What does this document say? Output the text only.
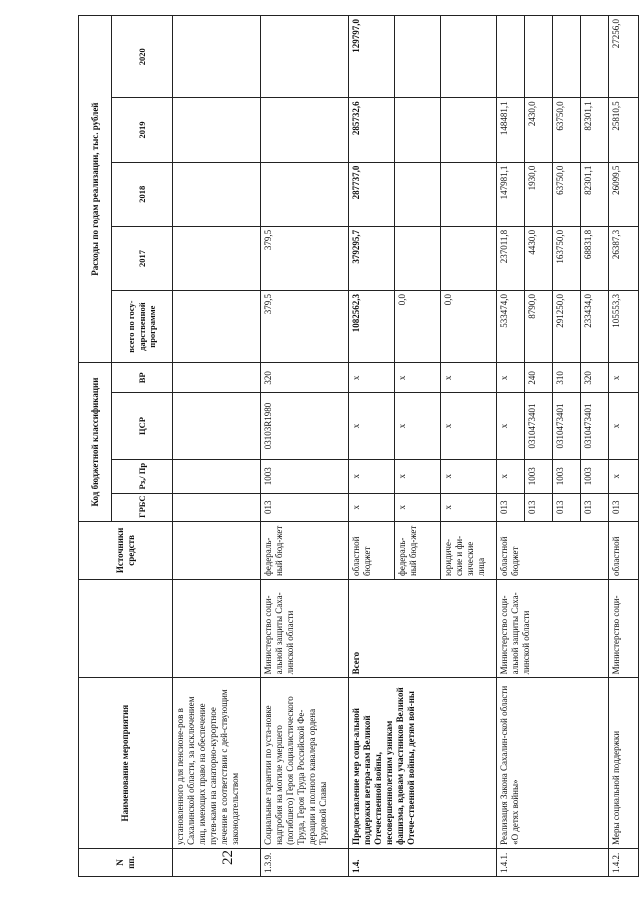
22
N пп.	Наименование мероприятия		Источники средств	Код бюджетной классификации				Расходы по годам реализации, тыс. рублей				
				ГРБС	Рз,/ Пр	ЦСР	ВР	всего по госу-дарственной программе	2017	2018	2019	2020
	установленного для пенсионе-ров в Сахалинской области, за исключением лиц, имеющих право на обеспечение путев-ками на санаторно-курортное лечение в соответствии с дей-ствующим законодательством											
1.3.9.	Социальные гарантии по уста-новке надгробия на могиле умершего (погибшего) Героя Социалистического Труда, Героя Труда Российской Фе-дерации и полного кавалера ордена Трудовой Славы	Министерство соци-альной защиты Саха-линской области	федераль-ный бюд-жет	013	1003	03103R1980	320	379,5	379,5			
1.4.	Предоставление мер соци-альной поддержки ветера-нам Великой Отечественной войны, несовершеннолетним узникам фашизма, вдовам участников Великой Отече-ственной войны, детям вой-ны	Всего	областной бюджет	x	x	x	x	1082562,3	379295,7	287737,0	285732,6	129797,0
			федераль-ный бюд-жет	x	x	x	x	0,0				
			юридиче-ские и фи-зические лица	x	x	x	x	0,0				
1.4.1.	Реализация Закона Сахалин-ской области «О детях войны»	Министерство соци-альной защиты Саха-линской области	областной бюджет	013	x	x	x	533474,0	237011,8	147981,1	148481,1	
				013	1003	0310473401	240	8790,0	4430,0	1930,0	2430,0	
				013	1003	0310473401	310	291250,0	163750,0	63750,0	63750,0	
				013	1003	0310473401	320	233434,0	68831,8	82301,1	82301,1	
1.4.2.	Меры социальной поддержки	Министерство соци-	областной	013	x	x	x	105553,3	26387,3	26099,5	25810,5	27256,0
